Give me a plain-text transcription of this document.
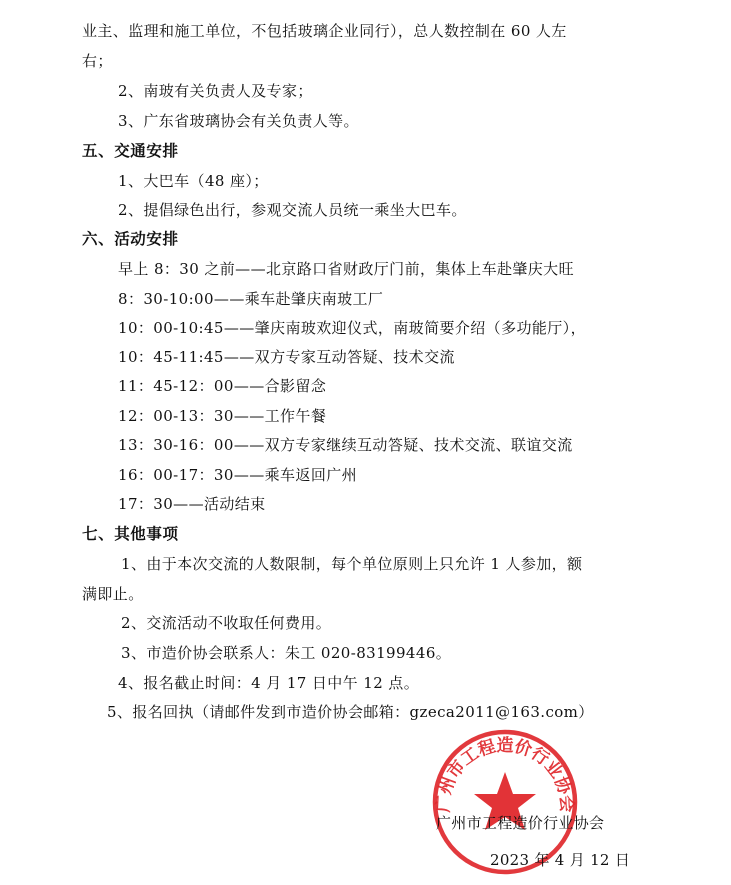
业主、监理和施工单位，不包括玻璃企业同行），总人数控制在 60 人左
右；
2、南玻有关负责人及专家；
3、广东省玻璃协会有关负责人等。
五、交通安排
1、大巴车（48 座）；
2、提倡绿色出行，参观交流人员统一乘坐大巴车。
六、活动安排
早上 8：30 之前——北京路口省财政厅门前，集体上车赴肇庆大旺
8：30-10:00——乘车赴肇庆南玻工厂
10：00-10:45——肇庆南玻欢迎仪式，南玻简要介绍（多功能厅），
10：45-11:45——双方专家互动答疑、技术交流
11：45-12：00——合影留念
12：00-13：30——工作午餐
13：30-16：00——双方专家继续互动答疑、技术交流、联谊交流
16：00-17：30——乘车返回广州
17：30——活动结束
七、其他事项
1、由于本次交流的人数限制，每个单位原则上只允许 1 人参加，额
满即止。
2、交流活动不收取任何费用。
3、市造价协会联系人：朱工 020-83199446。
4、报名截止时间：4 月 17 日中午 12 点。
5、报名回执（请邮件发到市造价协会邮箱：gzeca2011@163.com）
广州市工程造价行业协会
广州市工程造价行业协会
2023 年 4 月 12 日
